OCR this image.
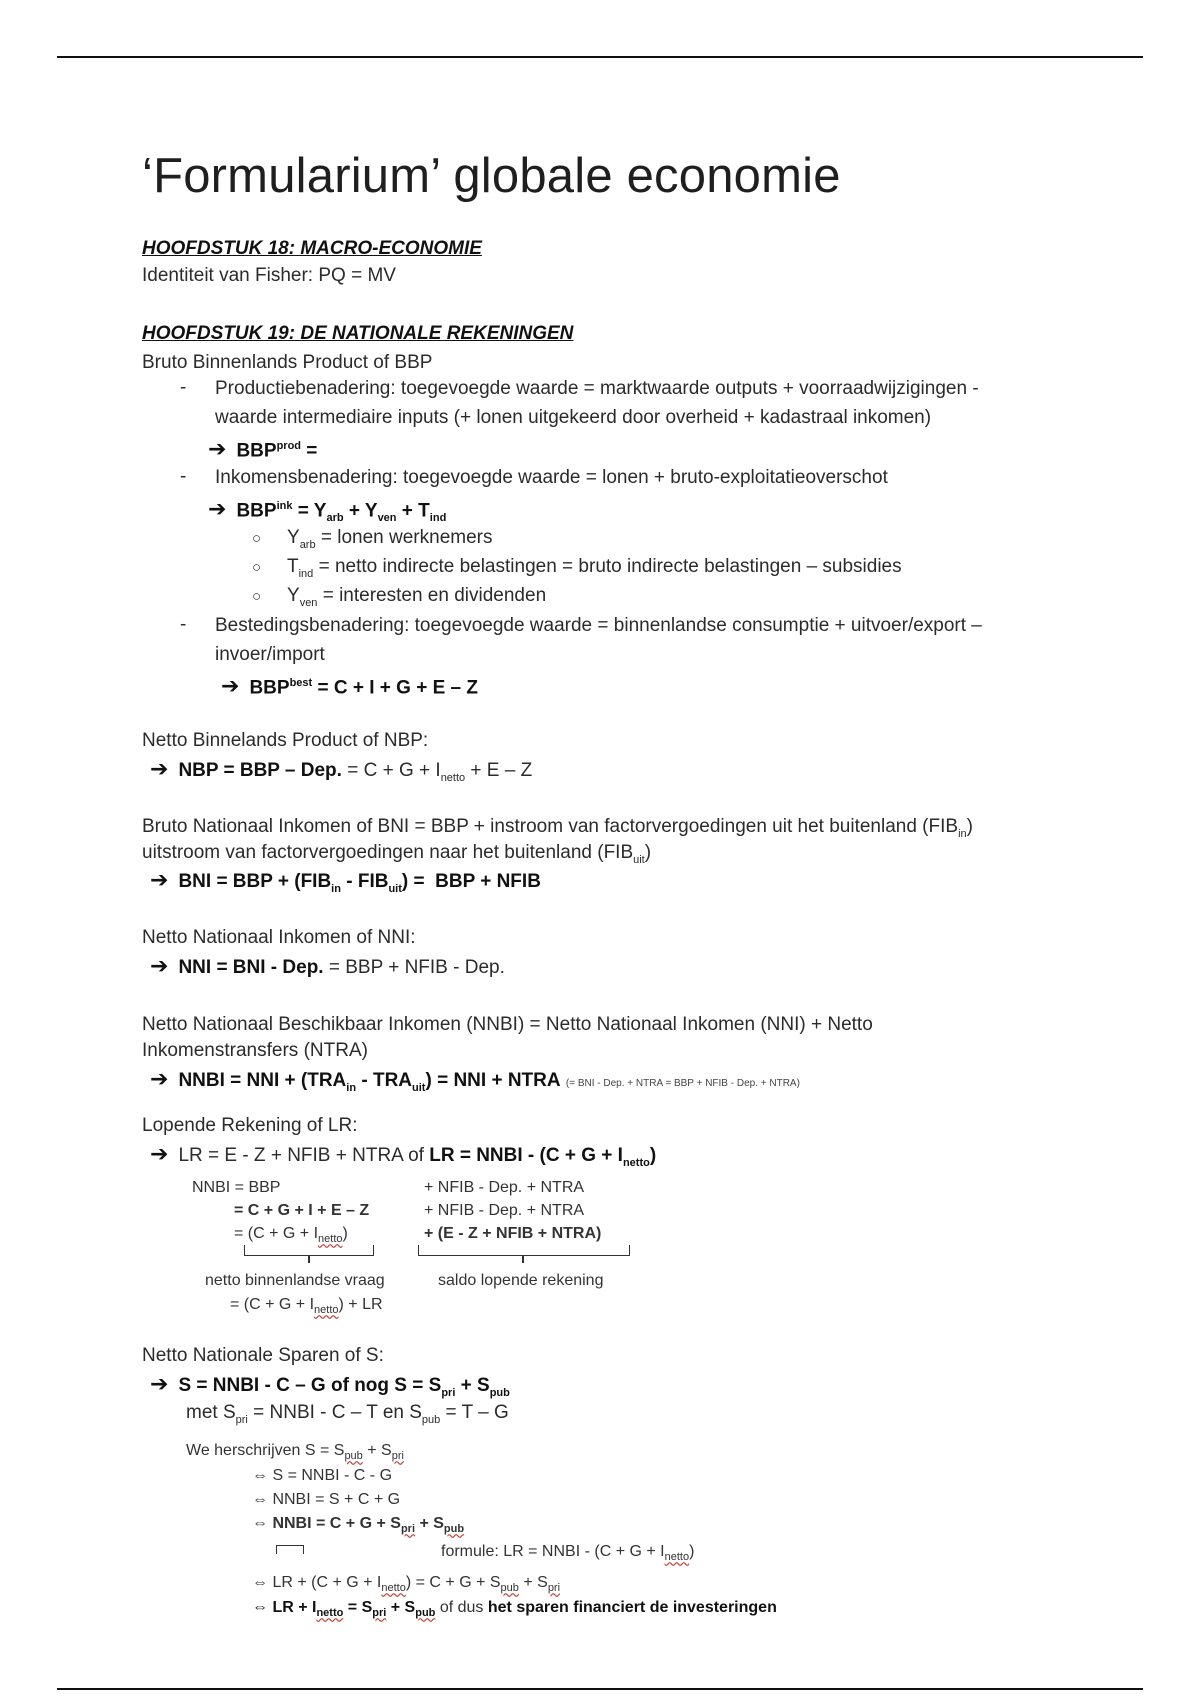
‘Formularium’ globale economie
HOOFDSTUK 18: MACRO-ECONOMIE
Identiteit van Fisher: PQ = MV
HOOFDSTUK 19: DE NATIONALE REKENINGEN
Bruto Binnenlands Product of BBP
- Productiebenadering: toegevoegde waarde = marktwaarde outputs + voorraadwijzigingen -
waarde intermediaire inputs (+ lonen uitgekeerd door overheid + kadastraal inkomen)
➔ $BBP^{prod}$ =
- Inkomensbenadering: toegevoegde waarde = lonen + bruto-exploitatieoverschot
➔ $BBP^{ink} = Y_{arb} + Y_{ven} + T_{ind}$
○ $Y_{arb}$ = lonen werknemers
○ $T_{ind}$ = netto indirecte belastingen = bruto indirecte belastingen – subsidies
○ $Y_{ven}$ = interesten en dividenden
- Bestedingsbenadering: toegevoegde waarde = binnenlandse consumptie + uitvoer/export –
invoer/import
➔ $BBP^{best} = C + I + G + E - Z$
Netto Binnelands Product of NBP:
➔ NBP = BBP – Dep. = $C + G + I_{netto} + E - Z$
Bruto Nationaal Inkomen of BNI = BBP + instroom van factorvergoedingen uit het buitenland $(FIB_{in})$
uitstroom van factorvergoedingen naar het buitenland $(FIB_{uit})$
➔ BNI = BBP + $(FIB_{in} - FIB_{uit})$ =  BBP + NFIB
Netto Nationaal Inkomen of NNI:
➔ NNI = BNI - Dep. = BBP + NFIB - Dep.
Netto Nationaal Beschikbaar Inkomen (NNBI) = Netto Nationaal Inkomen (NNI) + Netto
Inkomenstransfers (NTRA)
➔ NNBI = NNI + $(TRA_{in} - TRA_{uit})$ = NNI + NTRA (= BNI - Dep. + NTRA = BBP + NFIB - Dep. + NTRA)
Lopende Rekening of LR:
➔ LR = E - Z + NFIB + NTRA of LR = NNBI - $(C + G + I_{netto})$
NNBI = BBP
= C + G + I + E – Z
= $(C + G + I_{netto})$
+ NFIB - Dep. + NTRA
+ NFIB - Dep. + NTRA
+ (E - Z + NFIB + NTRA)
netto binnenlandse vraag
= $(C + G + I_{netto})$ + LR
saldo lopende rekening
Netto Nationale Sparen of S:
➔ S = NNBI - C – G of nog $S = S_{pri} + S_{pub}$
met $S_{pri}$ = NNBI - C – T en $S_{pub} = T - G$
We herschrijven $S = S_{pub} + S_{pri}$
⇔ S = NNBI - C - G
⇔ NNBI = S + C + G
⇔ NNBI = $C + G + S_{pri} + S_{pub}$
formule: LR = NNBI - $(C + G + I_{netto})$
⇔ LR + $(C + G + I_{netto}) = C + G + S_{pub} + S_{pri}$
⇔ LR + $I_{netto} = S_{pri} + S_{pub}$ of dus het sparen financiert de investeringen
